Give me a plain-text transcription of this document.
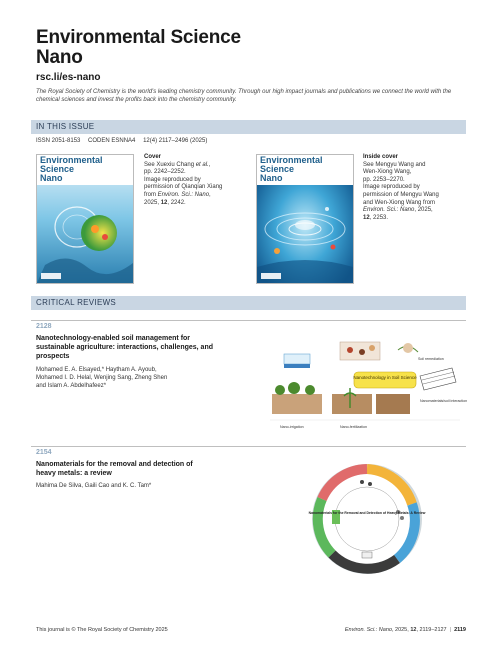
Environmental Science
Nano
rsc.li/es-nano
The Royal Society of Chemistry is the world's leading chemistry community. Through our high impact journals and publications we connect the world with the chemical sciences and invest the profits back into the chemistry community.
IN THIS ISSUE
ISSN 2051-8153 CODEN ESNNA4 12(4) 2117–2496 (2025)
Environmental
Science
Nano
Cover
See Xuexiu Chang et al.,
pp. 2242–2252.
Image reproduced by
permission of Qianqian Xiang
from Environ. Sci.: Nano,
2025, 12, 2242.
Environmental
Science
Nano
Inside cover
See Mengyu Wang and
Wen-Xiong Wang,
pp. 2253–2270.
Image reproduced by
permission of Mengyu Wang
and Wen-Xiong Wang from
Environ. Sci.: Nano, 2025,
12, 2253.
CRITICAL REVIEWS
2128
Nanotechnology-enabled soil management for
sustainable agriculture: interactions, challenges, and
prospects
Mohamed E. A. Elsayed,* Haytham A. Ayoub,
Mohamed I. D. Helal, Wenjing Sang, Zheng Shen
and Islam A. Abdelhafeez*
Nanotechnology in Soil Science
Soil remediation
Nanomaterials/soil interaction
Nano-fertilization
Nano-irrigation
2154
Nanomaterials for the removal and detection of
heavy metals: a review
Mahima De Silva, Gaili Cao and K. C. Tam*
Nanomaterials for the Removal and Detection of Heavy Metals: A Review
This journal is © The Royal Society of Chemistry 2025	Environ. Sci.: Nano, 2025, 12, 2119–2127 | 2119
